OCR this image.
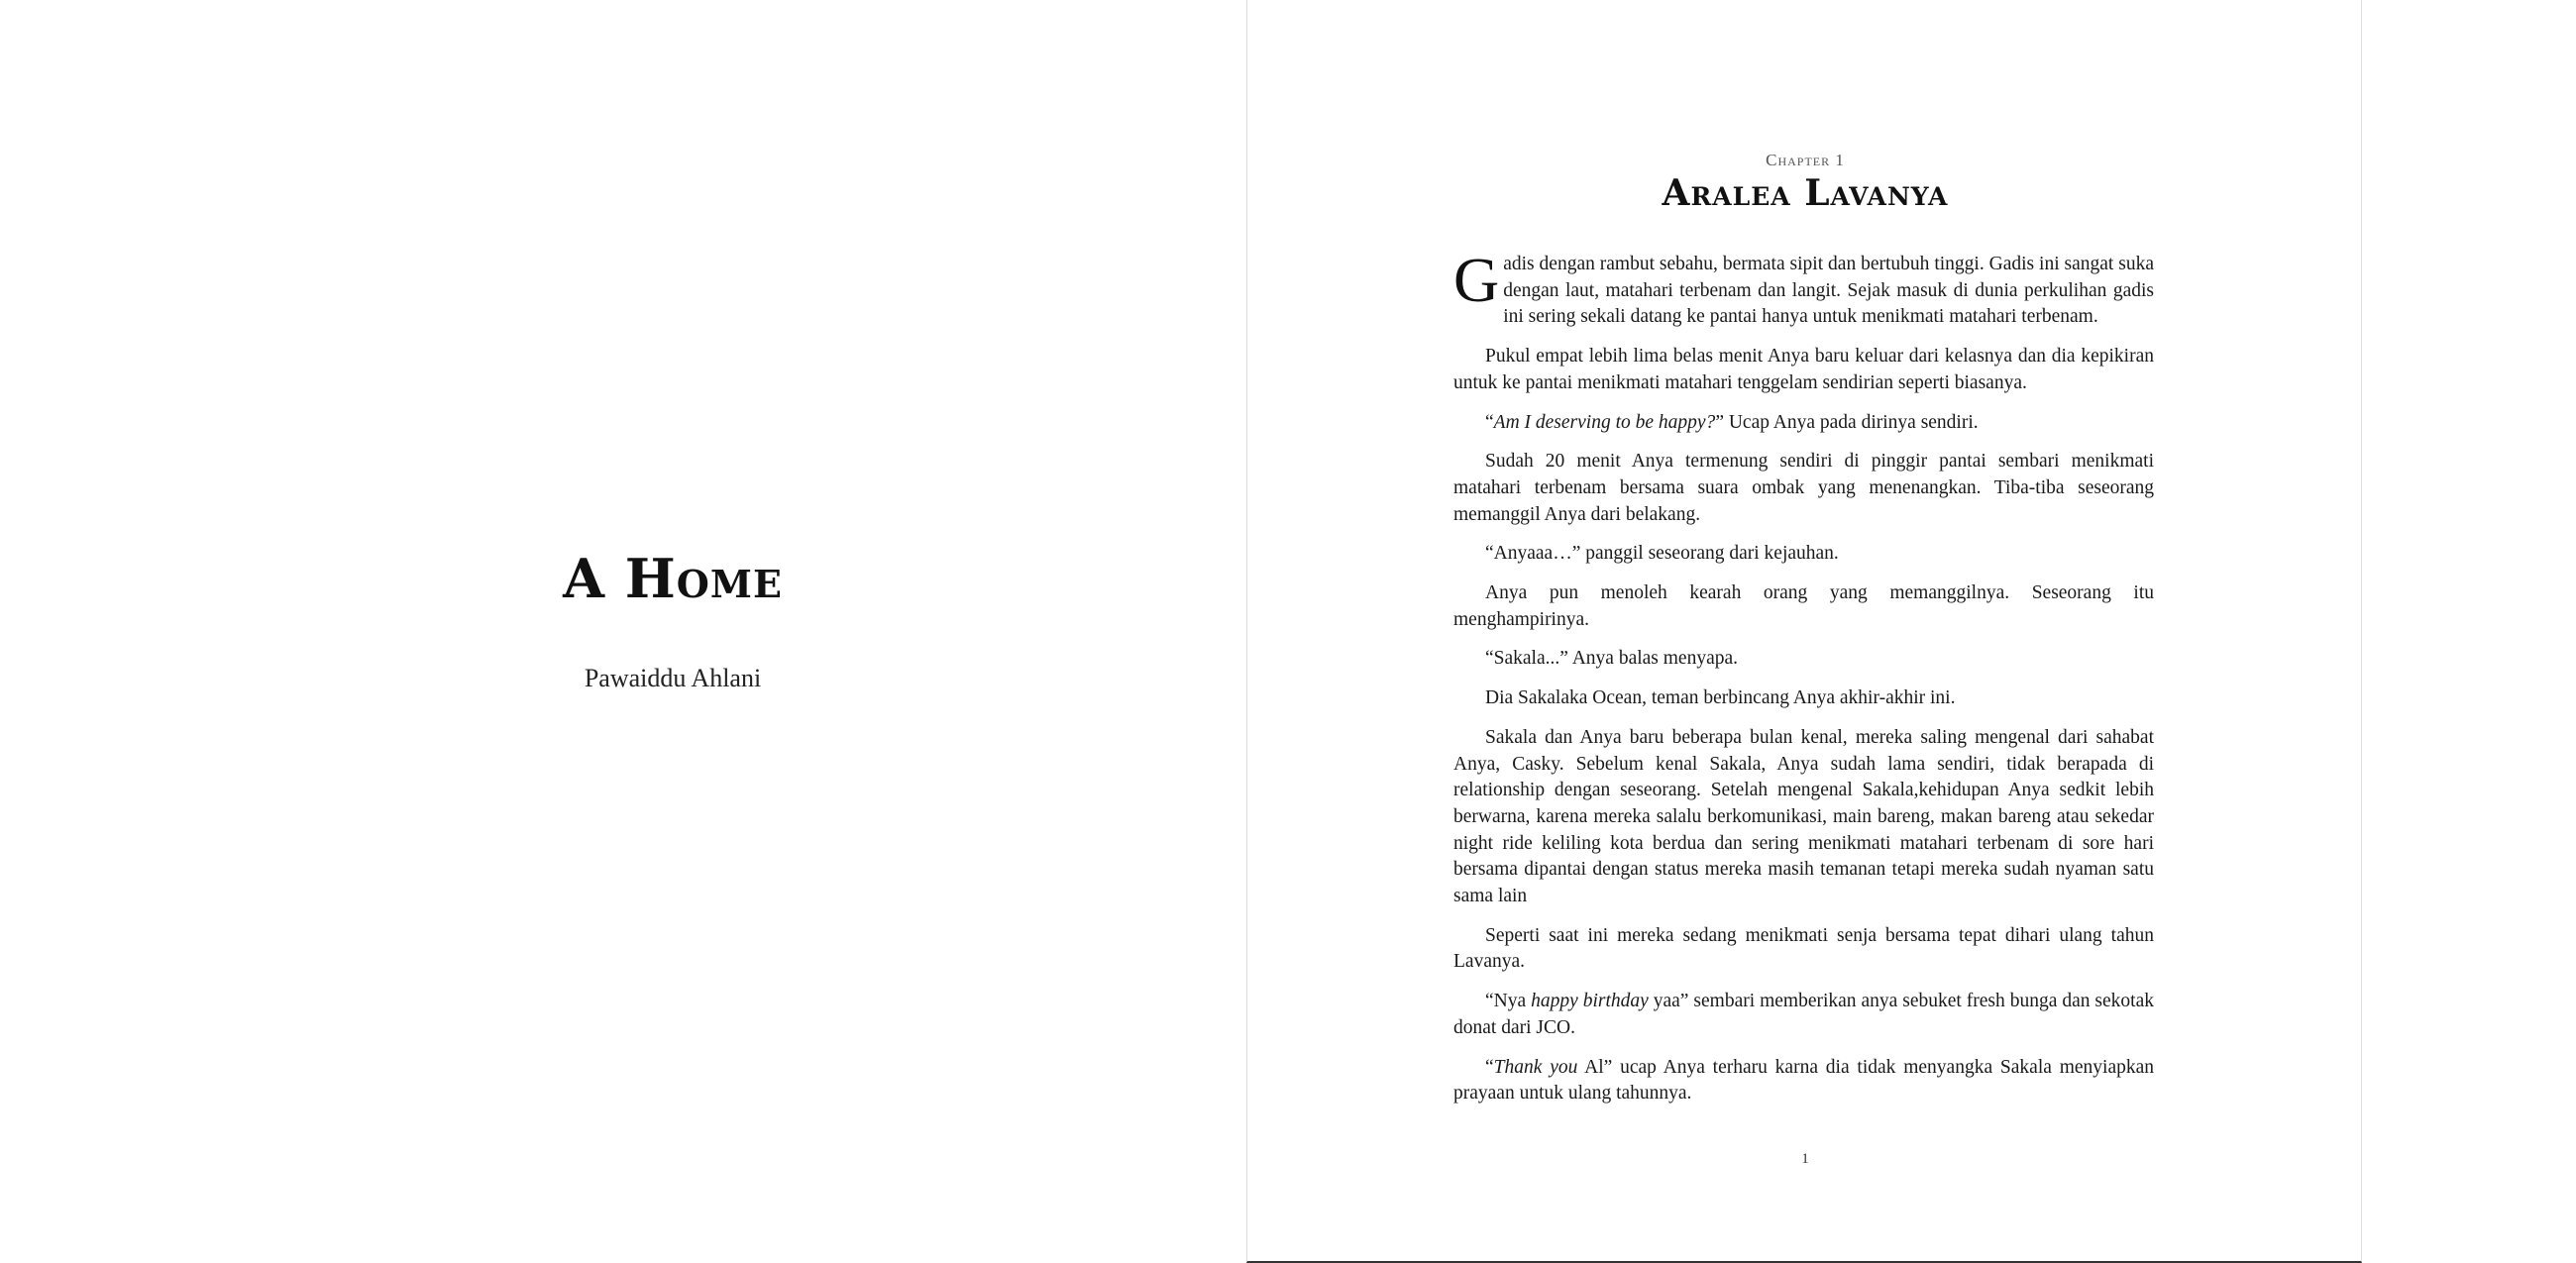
A Home
Pawaiddu Ahlani
Chapter 1
Aralea Lavanya

Gadis dengan rambut sebahu, bermata sipit dan bertubuh tinggi. Gadis ini sangat suka dengan laut, matahari terbenam dan langit. Sejak masuk di dunia perkulihan gadis ini sering sekali datang ke pantai hanya untuk menikmati matahari terbenam.

Pukul empat lebih lima belas menit Anya baru keluar dari kelasnya dan dia kepikiran untuk ke pantai menikmati matahari tenggelam sendirian seperti biasanya.

“Am I deserving to be happy?” Ucap Anya pada dirinya sendiri.

Sudah 20 menit Anya termenung sendiri di pinggir pantai sembari menikmati matahari terbenam bersama suara ombak yang menenangkan. Tiba-tiba seseorang memanggil Anya dari belakang.

“Anyaaa…” panggil seseorang dari kejauhan.

Anya pun menoleh kearah orang yang memanggilnya. Seseorang itu menghampirinya.

“Sakala...” Anya balas menyapa.

Dia Sakalaka Ocean, teman berbincang Anya akhir-akhir ini.

Sakala dan Anya baru beberapa bulan kenal, mereka saling mengenal dari sahabat Anya, Casky. Sebelum kenal Sakala, Anya sudah lama sendiri, tidak berapada di relationship dengan seseorang. Setelah mengenal Sakala,kehidupan Anya sedkit lebih berwarna, karena mereka salalu berkomunikasi, main bareng, makan bareng atau sekedar night ride keliling kota berdua dan sering menikmati matahari terbenam di sore hari bersama dipantai dengan status mereka masih temanan tetapi mereka sudah nyaman satu sama lain

Seperti saat ini mereka sedang menikmati senja bersama tepat dihari ulang tahun Lavanya.

“Nya happy birthday yaa” sembari memberikan anya sebuket fresh bunga dan sekotak donat dari JCO.

“Thank you Al” ucap Anya terharu karna dia tidak menyangka Sakala menyiapkan prayaan untuk ulang tahunnya.

1
